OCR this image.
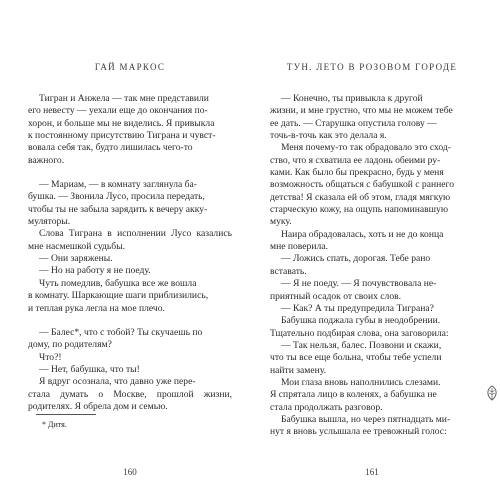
ГАЙ МАРКОС

Тигран и Анжела — так мне представили
его невесту — уехали еще до окончания по-
хорон, и больше мы не виделись. Я привыкла
к постоянному присутствию Тиграна и чувст-
вовала себя так, будто лишилась чего-то
важного.

— Мариам, — в комнату заглянула ба-
бушка. — Звонила Лусо, просила передать,
чтобы ты не забыла зарядить к вечеру акку-
муляторы.

Слова Тиграна в исполнении Лусо казались мне насмешкой судьбы.

— Они заряжены.

— Но на работу я не поеду.

Чуть помедлив, бабушка все же вошла
в комнату. Шаркающие шаги приблизились,
и теплая рука легла на мое плечо.

— Балес*, что с тобой? Ты скучаешь по
дому, по родителям?

Что?!

— Нет, бабушка, что ты!

Я вдруг осознала, что давно уже пере-
стала думать о Москве, прошлой жизни, родителях. Я обрела дом и семью.

* Дитя.
160
ТУН. ЛЕТО В РОЗОВОМ ГОРОДЕ

— Конечно, ты привыкла к другой
жизни, и мне грустно, что мы не можем тебе
ее дать. — Старушка опустила голову —
точь-в-точь как это делала я.

Меня почему-то так обрадовало это сход-
ство, что я схватила ее ладонь обеими ру-
ками. Как было бы прекрасно, будь у меня
возможность общаться с бабушкой с раннего
детства! Я сказала ей об этом, гладя мягкую
старческую кожу, на ощупь напоминавшую
муку.

Наира обрадовалась, хоть и не до конца
мне поверила.

— Ложись спать, дорогая. Тебе рано
вставать.

— Я не поеду. — Я почувствовала не-
приятный осадок от своих слов.

— Как? А ты предупредила Тиграна?

Бабушка поджала губы в неодобрении.
Тщательно подбирая слова, она заговорила:

— Так нельзя, балес. Позвони и скажи,
что ты все еще больна, чтобы тебе успели
найти замену.

Мои глаза вновь наполнились слезами.
Я спрятала лицо в коленях, а бабушка не
стала продолжать разговор.

Бабушка вышла, но через пятнадцать ми-
нут я вновь услышала ее тревожный голос:

161
